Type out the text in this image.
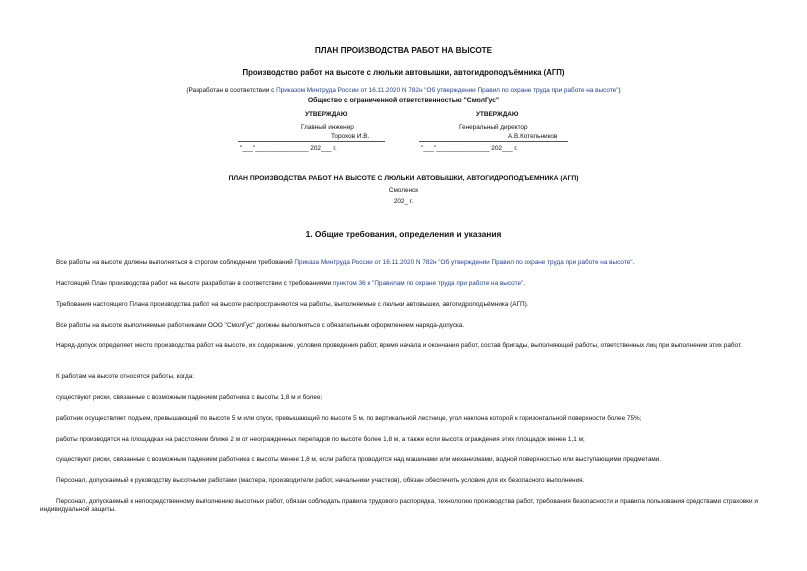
ПЛАН ПРОИЗВОДСТВА РАБОТ НА ВЫСОТЕ
Производство работ на высоте с люльки автовышки, автогидроподъёмника (АГП)
(Разработан в соответствии с Приказом Минтруда России от 16.11.2020 N 782н "Об утверждении Правил по охране труда при работе на высоте")
Общество с ограниченной ответственностью "СмолГус"
УТВЕРЖДАЮ	УТВЕРЖДАЮ
Главный инженер	Генеральный директор
Торохов И.В.	А.В.Котельников
"___"_______________ 202___ г.	"___"_______________ 202___ г.
ПЛАН ПРОИЗВОДСТВА РАБОТ НА ВЫСОТЕ С ЛЮЛЬКИ АВТОВЫШКИ, АВТОГИДРОПОДЪЕМНИКА (АГП)
Смоленск
202_ г.
1. Общие требования, определения и указания
Все работы на высоте должны выполняться в строгом соблюдении требований Приказа Минтруда России от 16.11.2020 N 782н "Об утверждении Правил по охране труда при работе на высоте".
Настоящий План производства работ на высоте разработан в соответствии с требованиями пунктом 36 к "Правилам по охране труда при работе на высоте".
Требования настоящего Плана производства работ на высоте распространяются на работы, выполняемые с люльки автовышки, автогидроподъёмника (АГП).
Все работы на высоте выполняемые работниками ООО "СмолГус" должны выполняться с обязательным оформлением наряда-допуска.
Наряд-допуск определяет место производства работ на высоте, их содержание, условия проведения работ, время начала и окончания работ, состав бригады, выполняющей работы, ответственных лиц при выполнении этих работ.
К работам на высоте относятся работы, когда:
существуют риски, связанные с возможным падением работника с высоты 1,8 м и более;
работник осуществляет подъем, превышающий по высоте 5 м или спуск, превышающий по высоте 5 м, по вертикальной лестнице, угол наклона которой к горизонтальной поверхности более 75%;
работы производятся на площадках на расстоянии ближе 2 м от неогражденных перепадов по высоте более 1,8 м, а также если высота ограждения этих площадок менее 1,1 м;
существуют риски, связанные с возможным падением работника с высоты менее 1,8 м, если работа проводится над машинами или механизмами, водной поверхностью или выступающими предметами.
Персонал, допускаемый к руководству высотными работами (мастера, производители работ, начальники участков), обязан обеспечить условия для их безопасного выполнения.
Персонал, допускаемый к непосредственному выполнению высотных работ, обязан соблюдать правила трудового распорядка, технологию производства работ, требования безопасности и правила пользования средствами страховки и индивидуальной защиты.
